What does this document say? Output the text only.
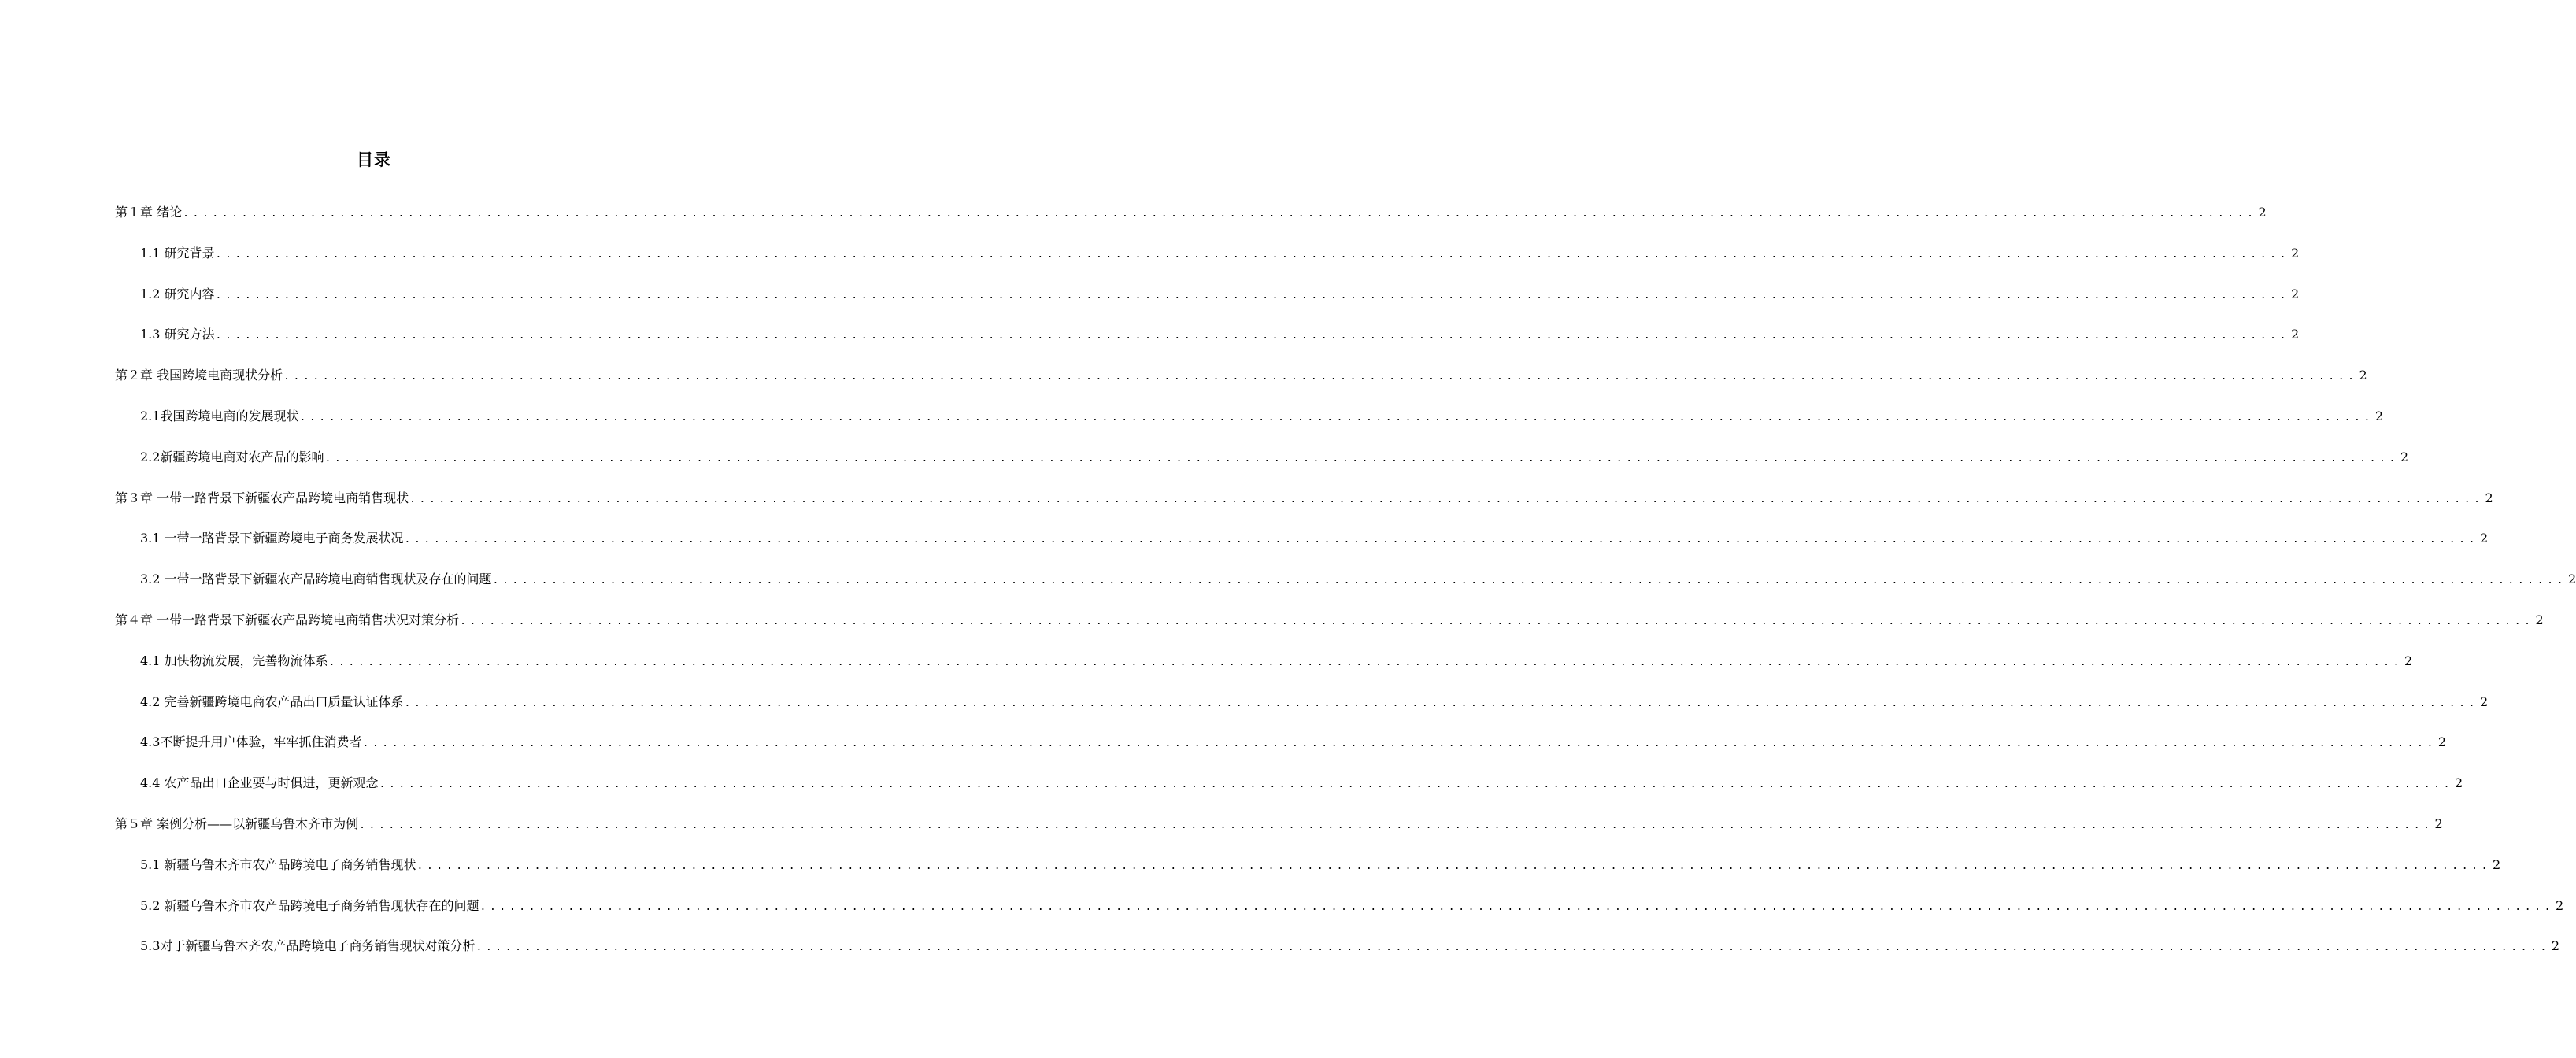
目录
第１章 绪论 .................................................................................................................................................................................................................... 2
1.1 研究背景 .................................................................................................................................................................................................................... 2
1.2 研究内容 .................................................................................................................................................................................................................... 2
1.3 研究方法 .................................................................................................................................................................................................................... 2
第２章 我国跨境电商现状分析 .................................................................................................................................................................................................................... 2
2.1我国跨境电商的发展现状 .................................................................................................................................................................................................................... 2
2.2新疆跨境电商对农产品的影响 .................................................................................................................................................................................................................... 2
第３章 一带一路背景下新疆农产品跨境电商销售现状 .................................................................................................................................................................................................................... 2
3.1 一带一路背景下新疆跨境电子商务发展状况 .................................................................................................................................................................................................................... 2
3.2 一带一路背景下新疆农产品跨境电商销售现状及存在的问题 .................................................................................................................................................................................................................... 2
第４章 一带一路背景下新疆农产品跨境电商销售状况对策分析 .................................................................................................................................................................................................................... 2
4.1 加快物流发展，完善物流体系 .................................................................................................................................................................................................................... 2
4.2 完善新疆跨境电商农产品出口质量认证体系 .................................................................................................................................................................................................................... 2
4.3不断提升用户体验，牢牢抓住消费者 .................................................................................................................................................................................................................... 2
4.4 农产品出口企业要与时俱进，更新观念 .................................................................................................................................................................................................................... 2
第５章 案例分析——以新疆乌鲁木齐市为例 .................................................................................................................................................................................................................... 2
5.1 新疆乌鲁木齐市农产品跨境电子商务销售现状 .................................................................................................................................................................................................................... 2
5.2 新疆乌鲁木齐市农产品跨境电子商务销售现状存在的问题 .................................................................................................................................................................................................................... 2
5.3对于新疆乌鲁木齐农产品跨境电子商务销售现状对策分析 .................................................................................................................................................................................................................... 2
